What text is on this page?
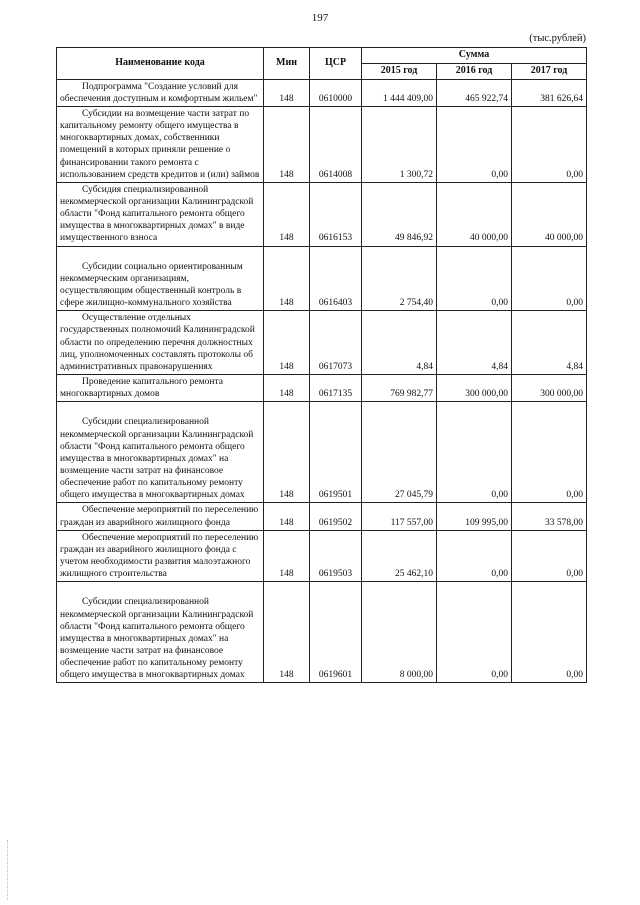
197
(тыс.рублей)
Наименование кода	Мин	ЦСР	Сумма		
			2015 год	2016 год	2017 год
Подпрограмма "Создание условий для обеспечения доступным и комфортным жильем"	148	0610000	1 444 409,00	465 922,74	381 626,64
Субсидии на возмещение части затрат по капитальному ремонту общего имущества в многоквартирных домах, собственники помещений в которых приняли решение о финансировании такого ремонта с использованием средств кредитов и (или) займов	148	0614008	1 300,72	0,00	0,00
Субсидия специализированной некоммерческой организации Калининградской области "Фонд капитального ремонта общего имущества в многоквартирных домах" в виде имущественного взноса	148	0616153	49 846,92	40 000,00	40 000,00

Субсидии социально ориентированным некоммерческим организациям, осуществляющим общественный контроль в сфере жилищно-коммунального хозяйства	148	0616403	2 754,40	0,00	0,00
Осуществление отдельных государственных полномочий Калининградской области по определению перечня должностных лиц, уполномоченных составлять протоколы об административных правонарушениях	148	0617073	4,84	4,84	4,84
Проведение капитального ремонта многоквартирных домов	148	0617135	769 982,77	300 000,00	300 000,00

Субсидии специализированной некоммерческой организации Калининградской области "Фонд капитального ремонта общего имущества в многоквартирных домах" на возмещение части затрат на финансовое обеспечение работ по капитальному ремонту общего имущества в многоквартирных домах	148	0619501	27 045,79	0,00	0,00
Обеспечение мероприятий по переселению граждан из аварийного жилищного фонда	148	0619502	117 557,00	109 995,00	33 578,00
Обеспечение мероприятий по переселению граждан из аварийного жилищного фонда с учетом необходимости развития малоэтажного жилищного строительства	148	0619503	25 462,10	0,00	0,00

Субсидии специализированной некоммерческой организации Калининградской области "Фонд капитального ремонта общего имущества в многоквартирных домах" на возмещение части затрат на финансовое обеспечение работ по капитальному ремонту общего имущества в многоквартирных домах	148	0619601	8 000,00	0,00	0,00
